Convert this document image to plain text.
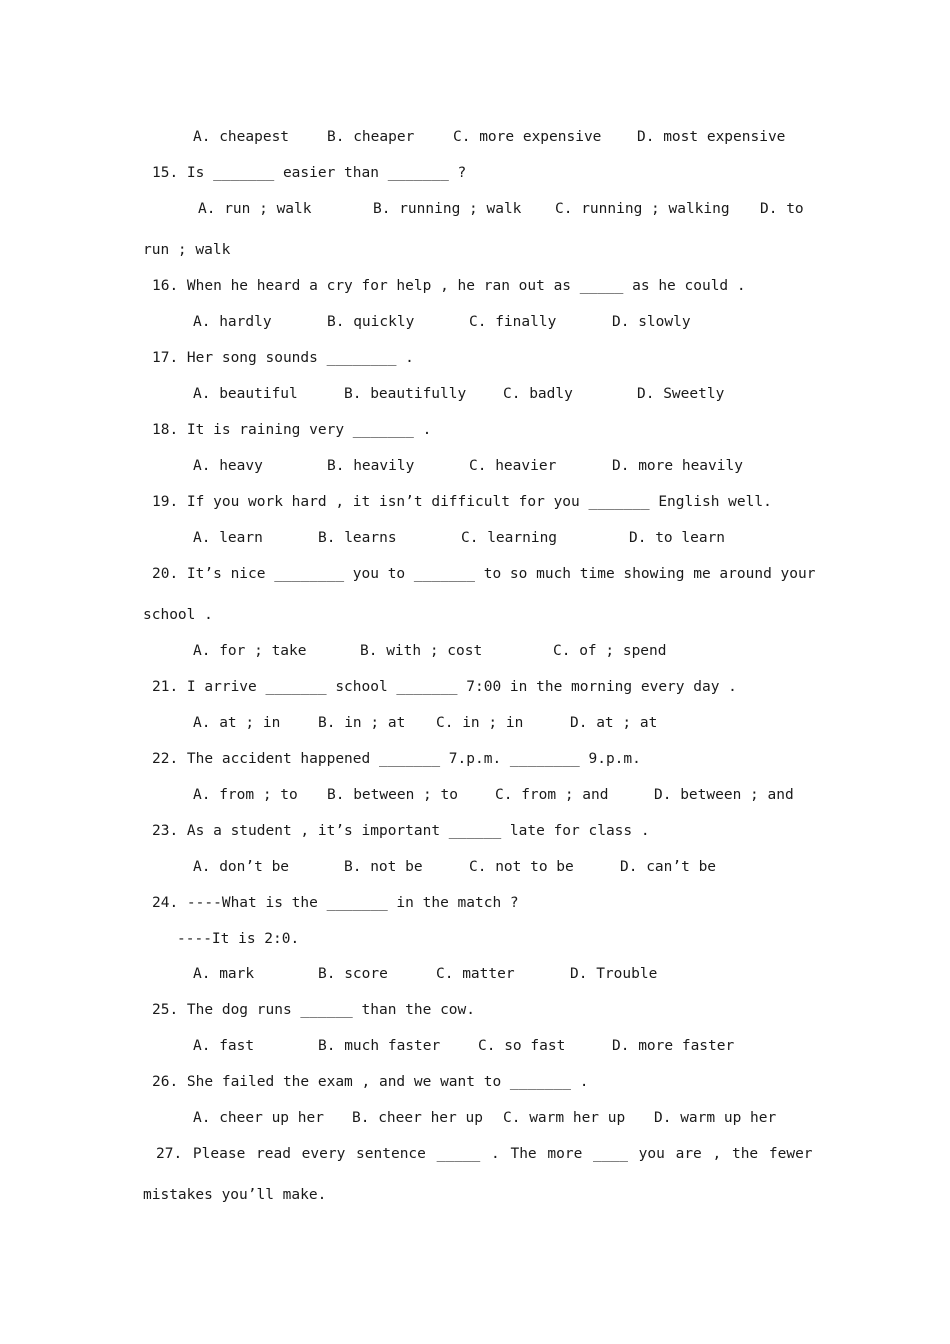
A. cheapest

	B. cheaper

	C. more expensive

D. most expensive

15. Is _______ easier than _______ ?

A. run ; walk

	B. running ; walk

C. running ; walking

D. to

run ; walk
16. When he heard a cry for help , he ran out as _____ as he could .

A. hardly

	B. quickly

	C. finally

	D. slowly

17. Her song sounds ________ .

A. beautiful

	B. beautifully

	C. badly

	D. Sweetly

18. It is raining very _______ .

A. heavy

	B. heavily

	C. heavier

	D. more heavily

19. If you work hard , it isn’t difficult for you _______ English well.

A. learn

	B. learns

	C. learning

	D. to learn

20. It’s nice ________ you to _______ to so much time showing me around your
school .

A. for ; take

	B. with ; cost

	C. of ; spend

21. I arrive _______ school _______ 7:00 in the morning every day .

A. at ; in

	B. in ; at

C. in ; in

	D. at ; at

22. The accident happened _______ 7.p.m. ________ 9.p.m.

A. from ; to

B. between ; to

	C. from ; and

	D. between ; and

23. As a student , it’s important ______ late for class .

A. don’t be

	B. not be

	C. not to be

	D. can’t be

24. ----What is the _______ in the match ?
----It is 2:0.

A. mark

	B. score

	C. matter

	D. Trouble

25. The dog runs ______ than the cow.

A. fast

	B. much faster

	C. so fast

	D. more faster

26. She failed the exam , and we want to _______ .

A. cheer up her

B. cheer her up

C. warm her up

D. warm up her

27. Please read every sentence _____ . The more ____ you are , the fewer
mistakes you’ll make.
